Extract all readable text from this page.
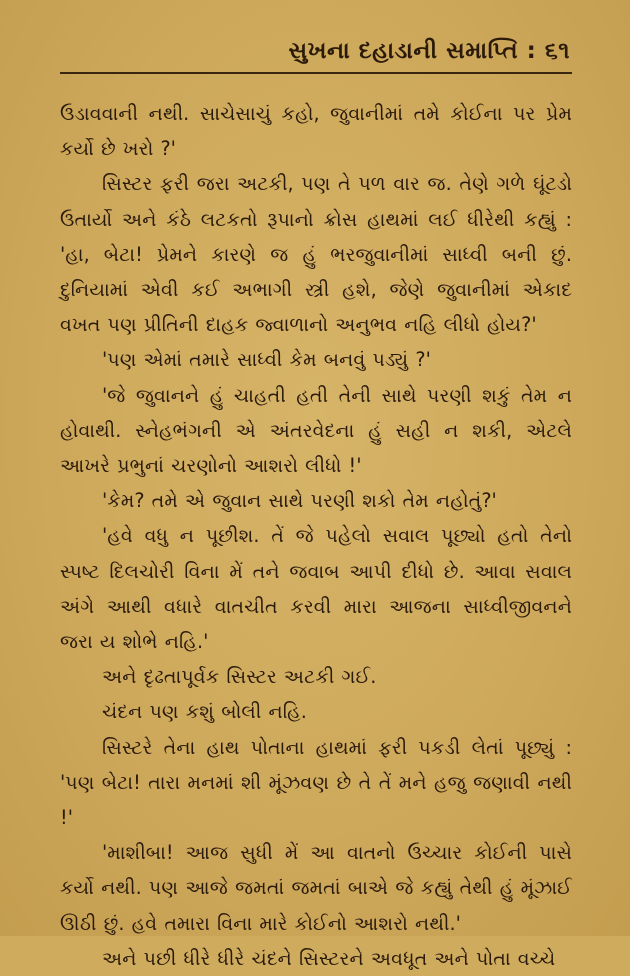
સુખના દહાડાની સમાપ્તિ : ૬૧

ઉડાવવાની નથી. સાચેસાચું કહો, જુવાનીમાં તમે કોઈના પર પ્રેમ કર્યો છે ખરો ?'

સિસ્ટર ફરી જરા અટકી, પણ તે પળ વાર જ. તેણે ગળે ઘૂંટડો ઉતાર્યો અને કંઠે લટકતો રૂપાનો ક્રોસ હાથમાં લઈ ધીરેથી કહ્યું : 'હા, બેટા! પ્રેમને કારણે જ હું ભરજુવાનીમાં સાધ્વી બની છું. દુનિયામાં એવી કઈ અભાગી સ્ત્રી હશે, જેણે જુવાનીમાં એકાદ વખત પણ પ્રીતિની દાહક જ્વાળાનો અનુભવ નહિ લીધો હોય?'

'પણ એમાં તમારે સાધ્વી કેમ બનવું પડ્યું ?'

'જે જુવાનને હું ચાહતી હતી તેની સાથે પરણી શકું તેમ ન હોવાથી. સ્નેહભંગની એ અંતરવેદના હું સહી ન શકી, એટલે આખરે પ્રભુનાં ચરણોનો આશરો લીધો !'

'કેમ? તમે એ જુવાન સાથે પરણી શકો તેમ નહોતું?'

'હવે વધુ ન પૂછીશ. તેં જે પહેલો સવાલ પૂછ્યો હતો તેનો સ્પષ્ટ દિલચોરી વિના મેં તને જવાબ આપી દીધો છે. આવા સવાલ અંગે આથી વધારે વાતચીત કરવી મારા આજના સાધ્વીજીવનને જરા ય શોભે નહિ.'

અને દૃઢતાપૂર્વક સિસ્ટર અટકી ગઈ.

ચંદન પણ કશું બોલી નહિ.

સિસ્ટરે તેના હાથ પોતાના હાથમાં ફરી પકડી લેતાં પૂછ્યું : 'પણ બેટા! તારા મનમાં શી મૂંઝવણ છે તે તેં મને હજુ જણાવી નથી !'

'માશીબા! આજ સુધી મેં આ વાતનો ઉચ્ચાર કોઈની પાસે કર્યો નથી. પણ આજે જમતાં જમતાં બાએ જે કહ્યું તેથી હું મૂંઝાઈ ઊઠી છું. હવે તમારા વિના મારે કોઈનો આશરો નથી.'

અને પછી ધીરે ધીરે ચંદને સિસ્ટરને અવધૂત અને પોતા વચ્ચે
